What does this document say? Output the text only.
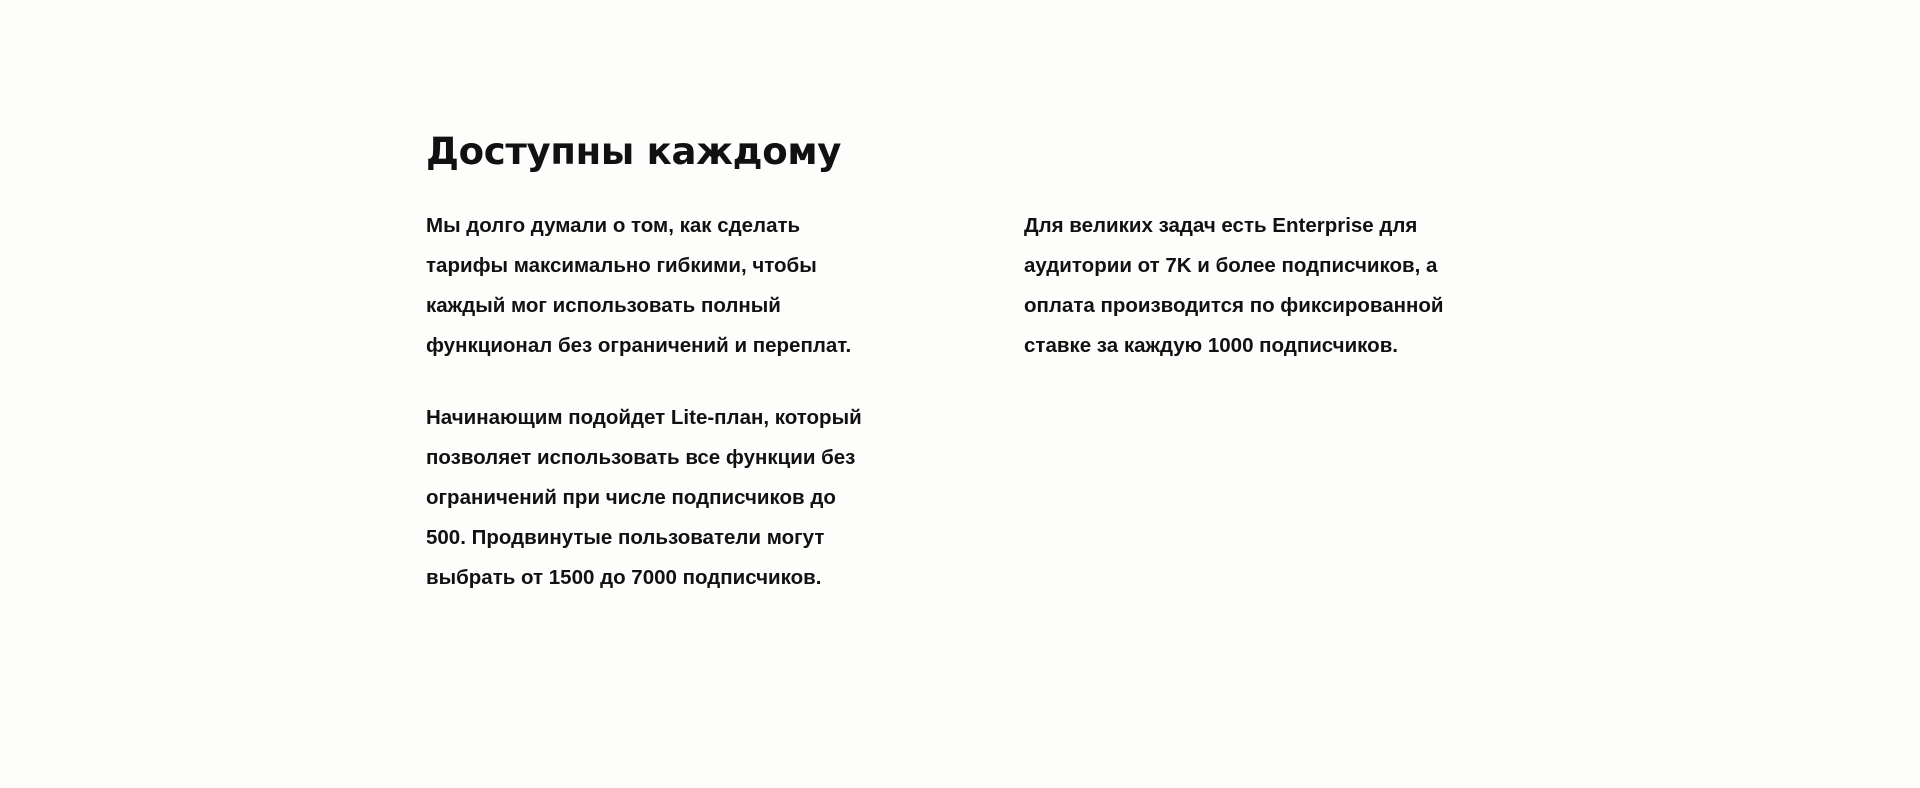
Доступны каждому

Мы долго думали о том, как сделать
тарифы максимально гибкими, чтобы
каждый мог использовать полный
функционал без ограничений и переплат.

Начинающим подойдет Lite-план, который
позволяет использовать все функции без
ограничений при числе подписчиков до
500. Продвинутые пользователи могут
выбрать от 1500 до 7000 подписчиков.

Для великих задач есть Enterprise для
аудитории от 7K и более подписчиков, а
оплата производится по фиксированной
ставке за каждую 1000 подписчиков.
